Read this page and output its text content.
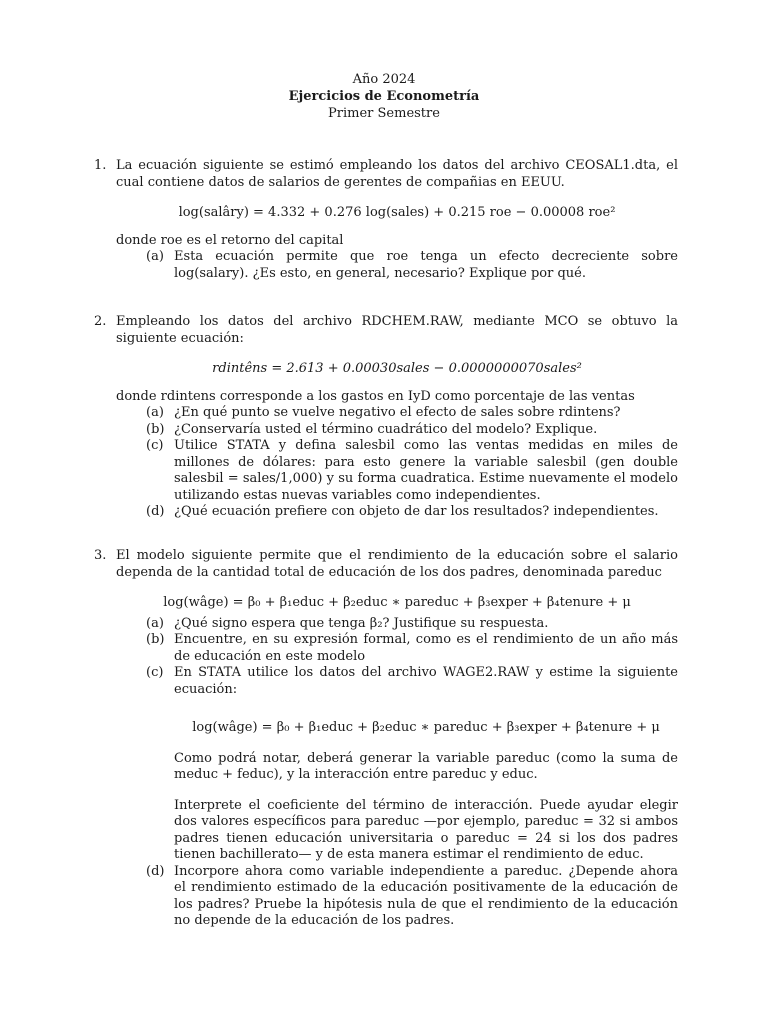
Año 2024
Ejercicios de Econometría
Primer Semestre
1. La ecuación siguiente se estimó empleando los datos del archivo CEOSAL1.dta, el cual contiene datos de salarios de gerentes de compañias en EEUU.
log(salâry) = 4.332 + 0.276 log(sales) + 0.215 roe − 0.00008 roe²
donde roe es el retorno del capital
(a) Esta ecuación permite que roe tenga un efecto decreciente sobre log(salary). ¿Es esto, en general, necesario? Explique por qué.
2. Empleando los datos del archivo RDCHEM.RAW, mediante MCO se obtuvo la siguiente ecuación:
rdintêns = 2.613 + 0.00030sales − 0.0000000070sales²
donde rdintens corresponde a los gastos en IyD como porcentaje de las ventas
(a) ¿En qué punto se vuelve negativo el efecto de sales sobre rdintens?
(b) ¿Conservaría usted el término cuadrático del modelo? Explique.
(c) Utilice STATA y defina salesbil como las ventas medidas en miles de millones de dólares: para esto genere la variable salesbil (gen double salesbil = sales/1,000) y su forma cuadratica. Estime nuevamente el modelo utilizando estas nuevas variables como independientes.
(d) ¿Qué ecuación prefiere con objeto de dar los resultados? independientes.
3. El modelo siguiente permite que el rendimiento de la educación sobre el salario dependa de la cantidad total de educación de los dos padres, denominada pareduc
log(wâge) = β₀ + β₁educ + β₂educ ∗ pareduc + β₃exper + β₄tenure + μ
(a) ¿Qué signo espera que tenga β₂? Justifique su respuesta.
(b) Encuentre, en su expresión formal, como es el rendimiento de un año más de educación en este modelo
(c) En STATA utilice los datos del archivo WAGE2.RAW y estime la siguiente ecuación:
log(wâge) = β₀ + β₁educ + β₂educ ∗ pareduc + β₃exper + β₄tenure + μ
Como podrá notar, deberá generar la variable pareduc (como la suma de meduc + feduc), y la interacción entre pareduc y educ.
Interprete el coeficiente del término de interacción. Puede ayudar elegir dos valores específicos para pareduc —por ejemplo, pareduc = 32 si ambos padres tienen educación universitaria o pareduc = 24 si los dos padres tienen bachillerato— y de esta manera estimar el rendimiento de educ.
(d) Incorpore ahora como variable independiente a pareduc. ¿Depende ahora el rendimiento estimado de la educación positivamente de la educación de los padres? Pruebe la hipótesis nula de que el rendimiento de la educación no depende de la educación de los padres.
